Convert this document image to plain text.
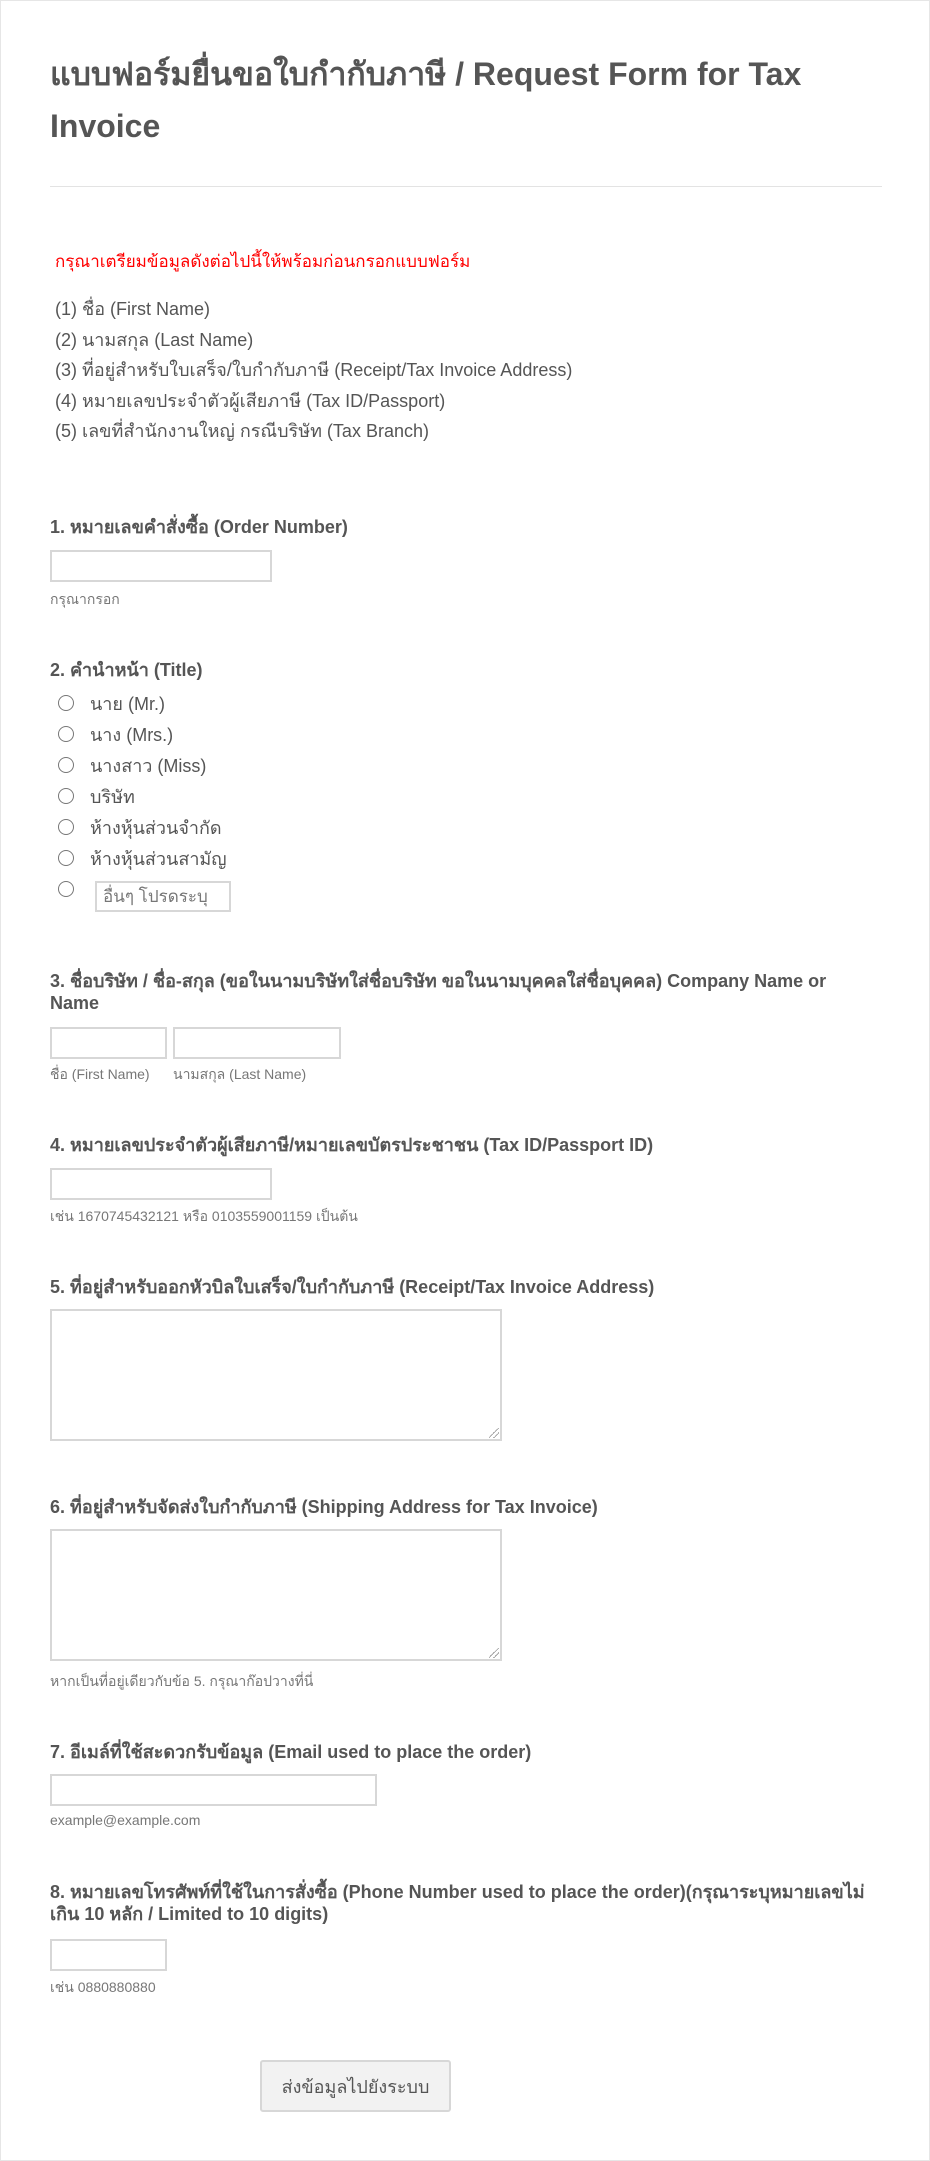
แบบฟอร์มยื่นขอใบกำกับภาษี / Request Form for Tax Invoice
กรุณาเตรียมข้อมูลดังต่อไปนี้ให้พร้อมก่อนกรอกแบบฟอร์ม
(1) ชื่อ (First Name)
(2) นามสกุล (Last Name)
(3) ที่อยู่สำหรับใบเสร็จ/ใบกำกับภาษี (Receipt/Tax Invoice Address)
(4) หมายเลขประจำตัวผู้เสียภาษี (Tax ID/Passport)
(5) เลขที่สำนักงานใหญ่ กรณีบริษัท (Tax Branch)
1. หมายเลขคำสั่งซื้อ (Order Number)
กรุณากรอก
2. คำนำหน้า (Title)
นาย (Mr.)
นาง (Mrs.)
นางสาว (Miss)
บริษัท
ห้างหุ้นส่วนจำกัด
ห้างหุ้นส่วนสามัญ
อื่นๆ โปรดระบุ
3. ชื่อบริษัท / ชื่อ-สกุล (ขอในนามบริษัทใส่ชื่อบริษัท ขอในนามบุคคลใส่ชื่อบุคคล) Company Name or Name
ชื่อ (First Name) นามสกุล (Last Name)
4. หมายเลขประจำตัวผู้เสียภาษี/หมายเลขบัตรประชาชน (Tax ID/Passport ID)
เช่น 1670745432121 หรือ 0103559001159 เป็นต้น
5. ที่อยู่สำหรับออกหัวบิลใบเสร็จ/ใบกำกับภาษี (Receipt/Tax Invoice Address)
6. ที่อยู่สำหรับจัดส่งใบกำกับภาษี (Shipping Address for Tax Invoice)
หากเป็นที่อยู่เดียวกับข้อ 5. กรุณาก๊อปวางที่นี่
7. อีเมล์ที่ใช้สะดวกรับข้อมูล (Email used to place the order)
example@example.com
8. หมายเลขโทรศัพท์ที่ใช้ในการสั่งซื้อ (Phone Number used to place the order)(กรุณาระบุหมายเลขไม่เกิน 10 หลัก / Limited to 10 digits)
เช่น 0880880880
ส่งข้อมูลไปยังระบบ
